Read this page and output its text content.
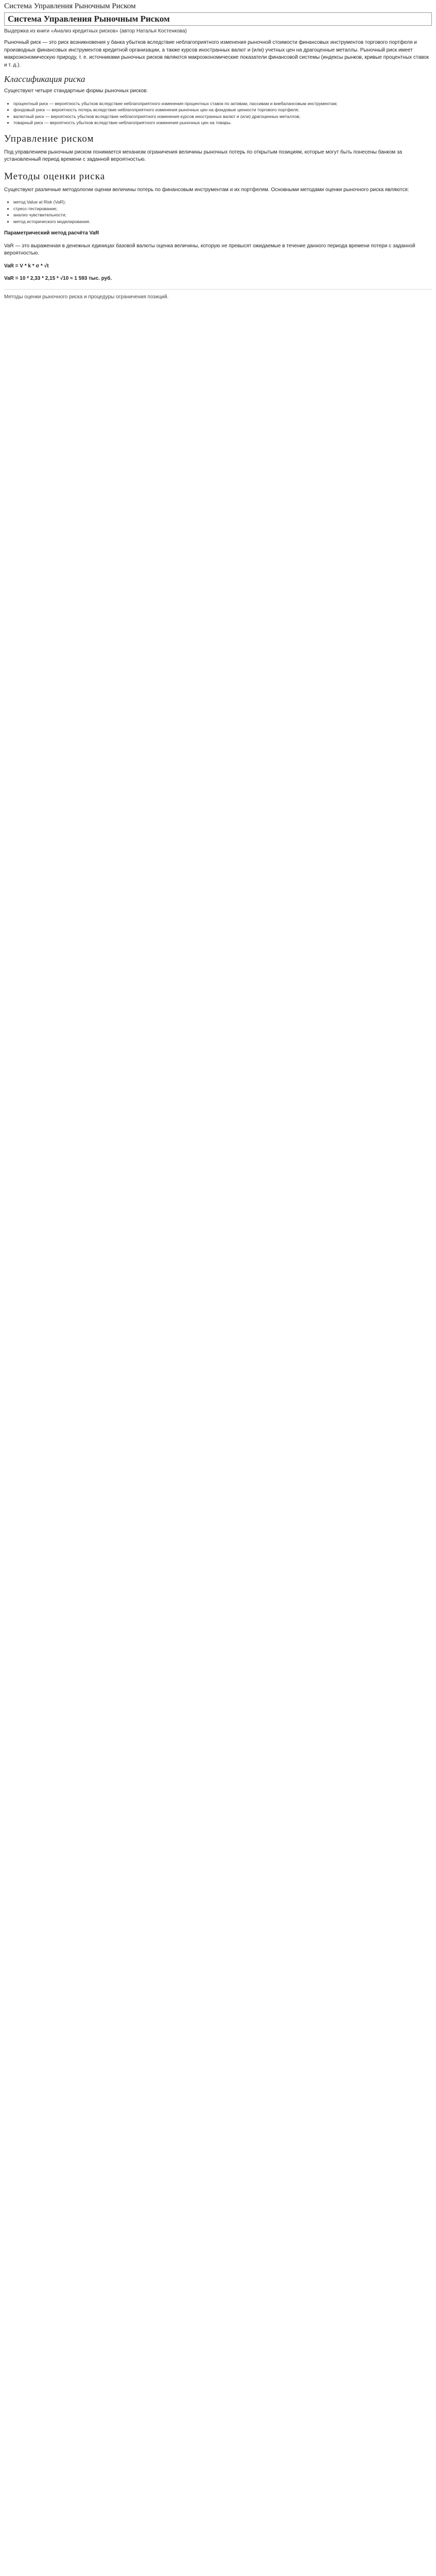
Система Управления Рыночным Риском
Система Управления Рыночным Риском
Выдержка из книги «Анализ кредитных рисков» (автор Наталья Костенкова)
Рыночный риск — это риск возникновения у банка убытков вследствие неблагоприятного изменения рыночной стоимости финансовых инструментов торгового портфеля и производных финансовых инструментов кредитной организации, а также курсов иностранных валют и (или) учетных цен на драгоценные металлы. Рыночный риск имеет макроэкономическую природу, т. е. источниками рыночных рисков являются макроэкономические показатели финансовой системы (индексы рынков, кривые процентных ставок и т. д.).
Классификация риска
Существуют четыре стандартные формы рыночных рисков:
• процентный риск — вероятность убытков вследствие неблагоприятного изменения процентных ставок по активам, пассивам и внебалансовым инструментам;
• фондовый риск — вероятность потерь вследствие неблагоприятного изменения рыночных цен на фондовые ценности торгового портфеля;
• валютный риск — вероятность убытков вследствие неблагоприятного изменения курсов иностранных валют и (или) драгоценных металлов;
• товарный риск — вероятность убытков вследствие неблагоприятного изменения рыночных цен на товары.
Управление риском
Под управлением рыночным риском понимается механизм ограничения величины рыночных потерь по открытым позициям, которые могут быть понесены банком за установленный период времени с заданной вероятностью.
Методы оценки риска
Существуют различные методологии оценки величины потерь по финансовым инструментам и их портфелям. Основными методами оценки рыночного риска являются:
• метод Value at Risk (VaR);
• стресс-тестирование;
• анализ чувствительности;
• метод исторического моделирования.
Параметрический метод расчёта VaR
VaR — это выраженная в денежных единицах базовой валюты оценка величины, которую не превысят ожидаемые в течение данного периода времени потери с заданной вероятностью.
VaR = V * k * σ * √t
VaR = 10 * 2,33 * 2,15 * √10 ≈ 1 593 тыс. руб.
Методы оценки рыночного риска и процедуры ограничения позиций.
